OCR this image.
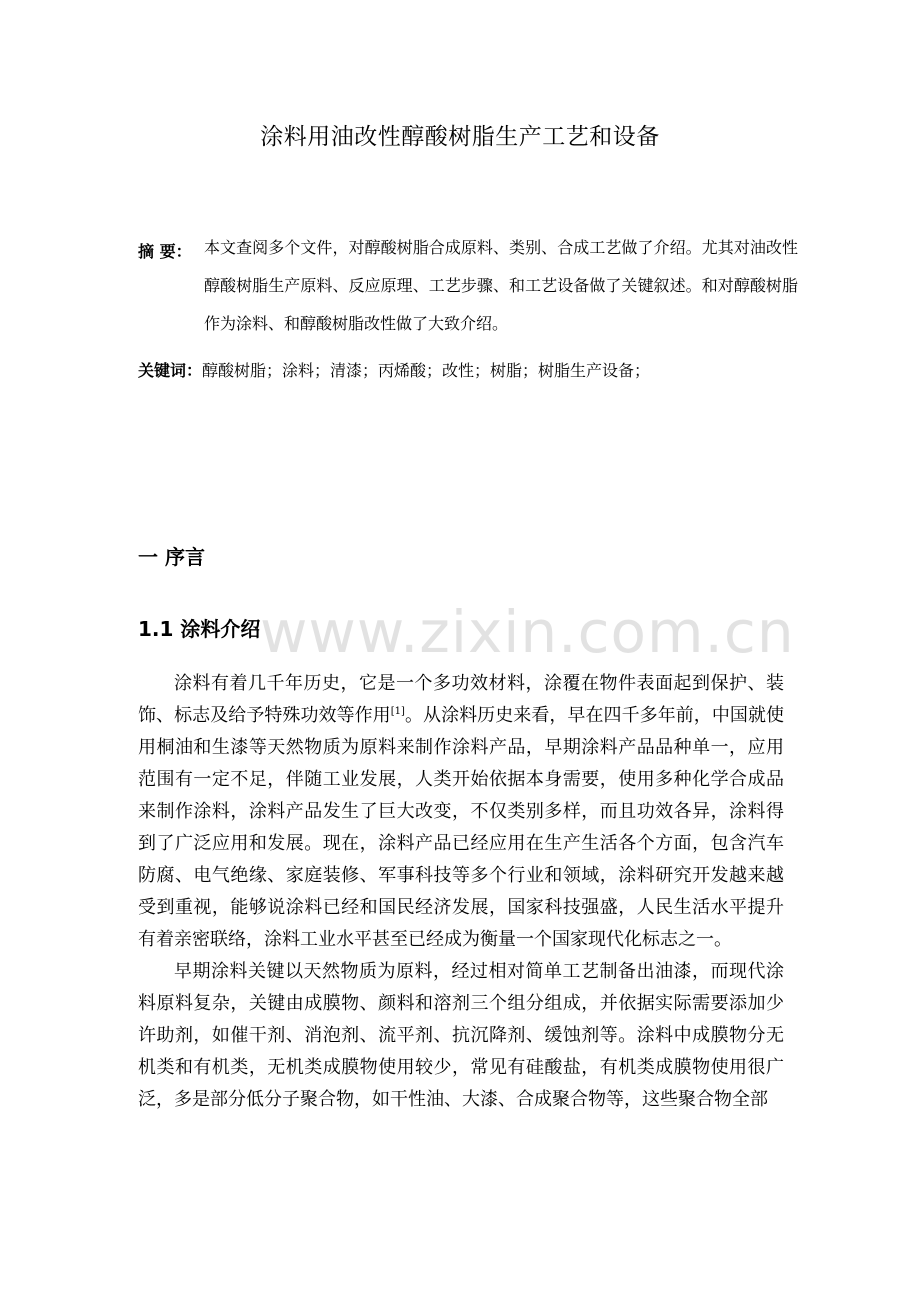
涂料用油改性醇酸树脂生产工艺和设备
摘 要： 本文查阅多个文件，对醇酸树脂合成原料、类别、合成工艺做了介绍。尤其对油改性醇酸树脂生产原料、反应原理、工艺步骤、和工艺设备做了关键叙述。和对醇酸树脂作为涂料、和醇酸树脂改性做了大致介绍。
关键词：醇酸树脂；涂料；清漆；丙烯酸；改性；树脂；树脂生产设备；
一 序言
1.1 涂料介绍 www.zixin.com.cn

涂料有着几千年历史，它是一个多功效材料，涂覆在物件表面起到保护、装饰、标志及给予特殊功效等作用[1]。从涂料历史来看，早在四千多年前，中国就使用桐油和生漆等天然物质为原料来制作涂料产品，早期涂料产品品种单一，应用范围有一定不足，伴随工业发展，人类开始依据本身需要，使用多种化学合成品来制作涂料，涂料产品发生了巨大改变，不仅类别多样，而且功效各异，涂料得到了广泛应用和发展。现在，涂料产品已经应用在生产生活各个方面，包含汽车防腐、电气绝缘、家庭装修、军事科技等多个行业和领域，涂料研究开发越来越受到重视，能够说涂料已经和国民经济发展，国家科技强盛，人民生活水平提升有着亲密联络，涂料工业水平甚至已经成为衡量一个国家现代化标志之一。

早期涂料关键以天然物质为原料，经过相对简单工艺制备出油漆，而现代涂料原料复杂，关键由成膜物、颜料和溶剂三个组分组成，并依据实际需要添加少许助剂，如催干剂、消泡剂、流平剂、抗沉降剂、缓蚀剂等。涂料中成膜物分无机类和有机类，无机类成膜物使用较少，常见有硅酸盐，有机类成膜物使用很广泛，多是部分低分子聚合物，如干性油、大漆、合成聚合物等，这些聚合物全部
